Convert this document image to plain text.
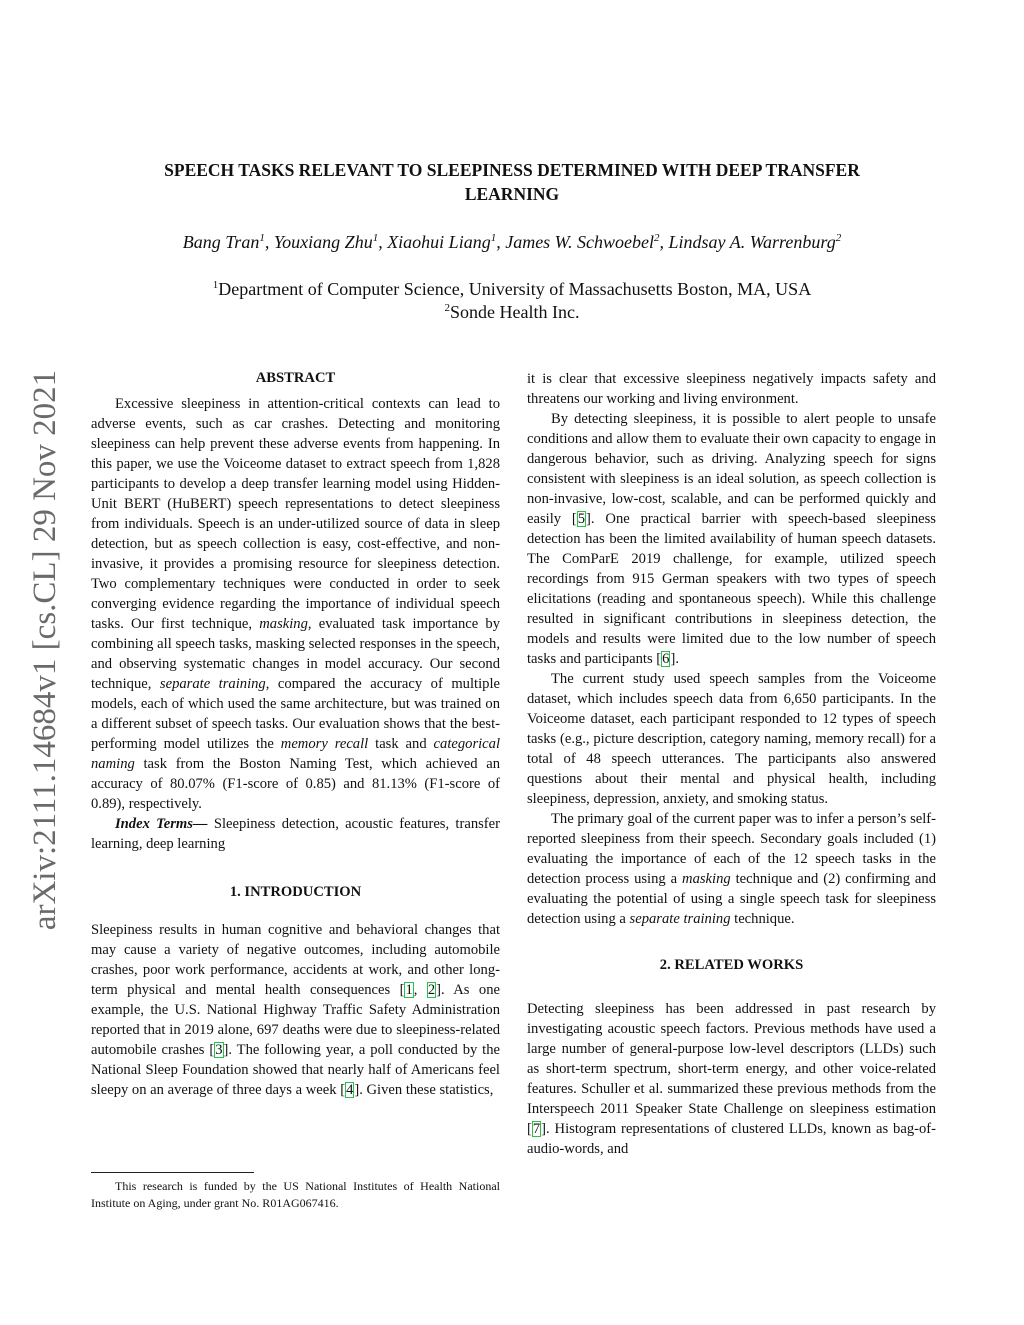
arXiv:2111.14684v1 [cs.CL] 29 Nov 2021
SPEECH TASKS RELEVANT TO SLEEPINESS DETERMINED WITH DEEP TRANSFER
LEARNING
Bang Tran$^1$, Youxiang Zhu$^1$, Xiaohui Liang$^1$, James W. Schwoebel$^2$, Lindsay A. Warrenburg$^2$
$^1$Department of Computer Science, University of Massachusetts Boston, MA, USA
$^2$Sonde Health Inc.
ABSTRACT

Excessive sleepiness in attention-critical contexts can lead to adverse events, such as car crashes. Detecting and monitoring sleepiness can help prevent these adverse events from happening. In this paper, we use the Voiceome dataset to extract speech from 1,828 participants to develop a deep transfer learning model using Hidden-Unit BERT (HuBERT) speech representations to detect sleepiness from individuals. Speech is an under-utilized source of data in sleep detection, but as speech collection is easy, cost-effective, and non-invasive, it provides a promising resource for sleepiness detection. Two complementary techniques were conducted in order to seek converging evidence regarding the importance of individual speech tasks. Our first technique, masking, evaluated task importance by combining all speech tasks, masking selected responses in the speech, and observing systematic changes in model accuracy. Our second technique, separate training, compared the accuracy of multiple models, each of which used the same architecture, but was trained on a different subset of speech tasks. Our evaluation shows that the best-performing model utilizes the memory recall task and categorical naming task from the Boston Naming Test, which achieved an accuracy of 80.07% (F1-score of 0.85) and 81.13% (F1-score of 0.89), respectively.

Index Terms— Sleepiness detection, acoustic features, transfer learning, deep learning

1. INTRODUCTION

Sleepiness results in human cognitive and behavioral changes that may cause a variety of negative outcomes, including automobile crashes, poor work performance, accidents at work, and other long-term physical and mental health consequences [1, 2]. As one example, the U.S. National Highway Traffic Safety Administration reported that in 2019 alone, 697 deaths were due to sleepiness-related automobile crashes [3]. The following year, a poll conducted by the National Sleep Foundation showed that nearly half of Americans feel sleepy on an average of three days a week [4]. Given these statistics,

This research is funded by the US National Institutes of Health National Institute on Aging, under grant No. R01AG067416.

it is clear that excessive sleepiness negatively impacts safety and threatens our working and living environment.

By detecting sleepiness, it is possible to alert people to unsafe conditions and allow them to evaluate their own capacity to engage in dangerous behavior, such as driving. Analyzing speech for signs consistent with sleepiness is an ideal solution, as speech collection is non-invasive, low-cost, scalable, and can be performed quickly and easily [5]. One practical barrier with speech-based sleepiness detection has been the limited availability of human speech datasets. The ComParE 2019 challenge, for example, utilized speech recordings from 915 German speakers with two types of speech elicitations (reading and spontaneous speech). While this challenge resulted in significant contributions in sleepiness detection, the models and results were limited due to the low number of speech tasks and participants [6].

The current study used speech samples from the Voiceome dataset, which includes speech data from 6,650 participants. In the Voiceome dataset, each participant responded to 12 types of speech tasks (e.g., picture description, category naming, memory recall) for a total of 48 speech utterances. The participants also answered questions about their mental and physical health, including sleepiness, depression, anxiety, and smoking status.

The primary goal of the current paper was to infer a person’s self-reported sleepiness from their speech. Secondary goals included (1) evaluating the importance of each of the 12 speech tasks in the detection process using a masking technique and (2) confirming and evaluating the potential of using a single speech task for sleepiness detection using a separate training technique.

2. RELATED WORKS

Detecting sleepiness has been addressed in past research by investigating acoustic speech factors. Previous methods have used a large number of general-purpose low-level descriptors (LLDs) such as short-term spectrum, short-term energy, and other voice-related features. Schuller et al. summarized these previous methods from the Interspeech 2011 Speaker State Challenge on sleepiness estimation [7]. Histogram representations of clustered LLDs, known as bag-of-audio-words, and
